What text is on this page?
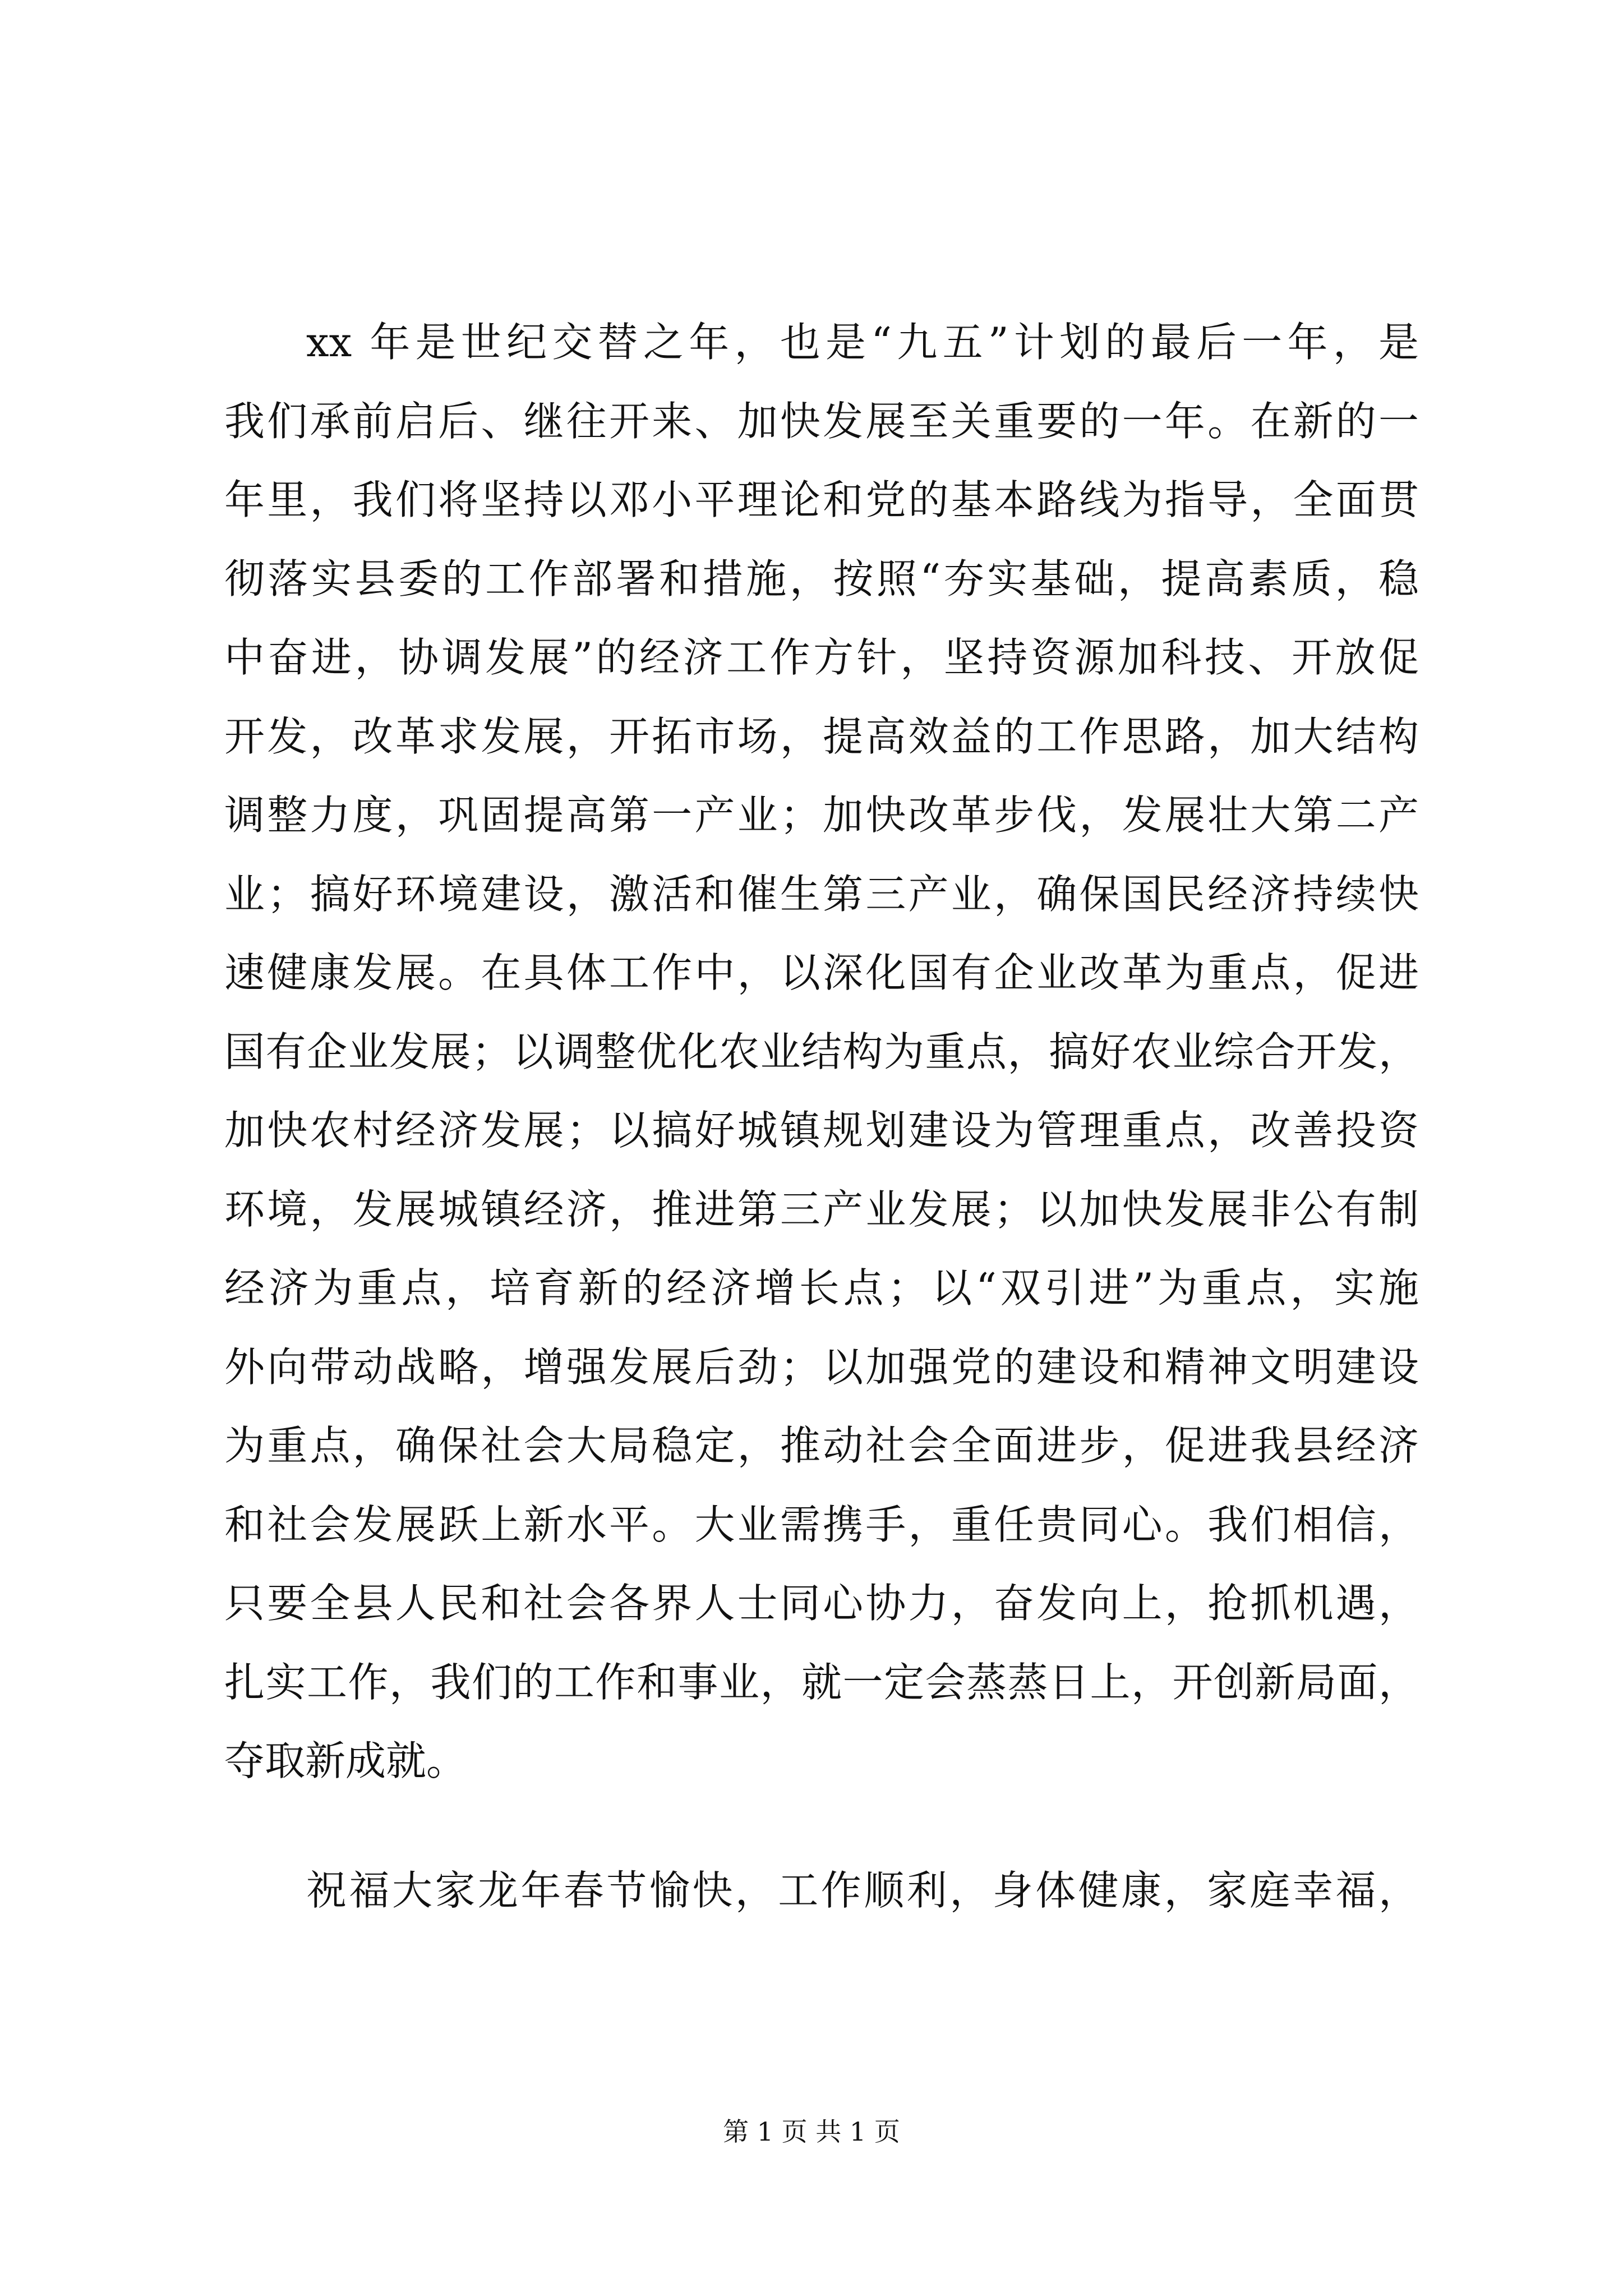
xx 年是世纪交替之年，也是“九五”计划的最后一年，是
我们承前启后、继往开来、加快发展至关重要的一年。在新的一
年里，我们将坚持以邓小平理论和党的基本路线为指导，全面贯
彻落实县委的工作部署和措施，按照“夯实基础，提高素质，稳
中奋进，协调发展”的经济工作方针，坚持资源加科技、开放促
开发，改革求发展，开拓市场，提高效益的工作思路，加大结构
调整力度，巩固提高第一产业；加快改革步伐，发展壮大第二产
业；搞好环境建设，激活和催生第三产业，确保国民经济持续快
速健康发展。在具体工作中，以深化国有企业改革为重点，促进
国有企业发展；以调整优化农业结构为重点，搞好农业综合开发，
加快农村经济发展；以搞好城镇规划建设为管理重点，改善投资
环境，发展城镇经济，推进第三产业发展；以加快发展非公有制
经济为重点，培育新的经济增长点；以“双引进”为重点，实施
外向带动战略，增强发展后劲；以加强党的建设和精神文明建设
为重点，确保社会大局稳定，推动社会全面进步，促进我县经济
和社会发展跃上新水平。大业需携手，重任贵同心。我们相信，
只要全县人民和社会各界人士同心协力，奋发向上，抢抓机遇，
扎实工作，我们的工作和事业，就一定会蒸蒸日上，开创新局面，
夺取新成就。
祝福大家龙年春节愉快，工作顺利，身体健康，家庭幸福，
第 1 页 共 1 页
